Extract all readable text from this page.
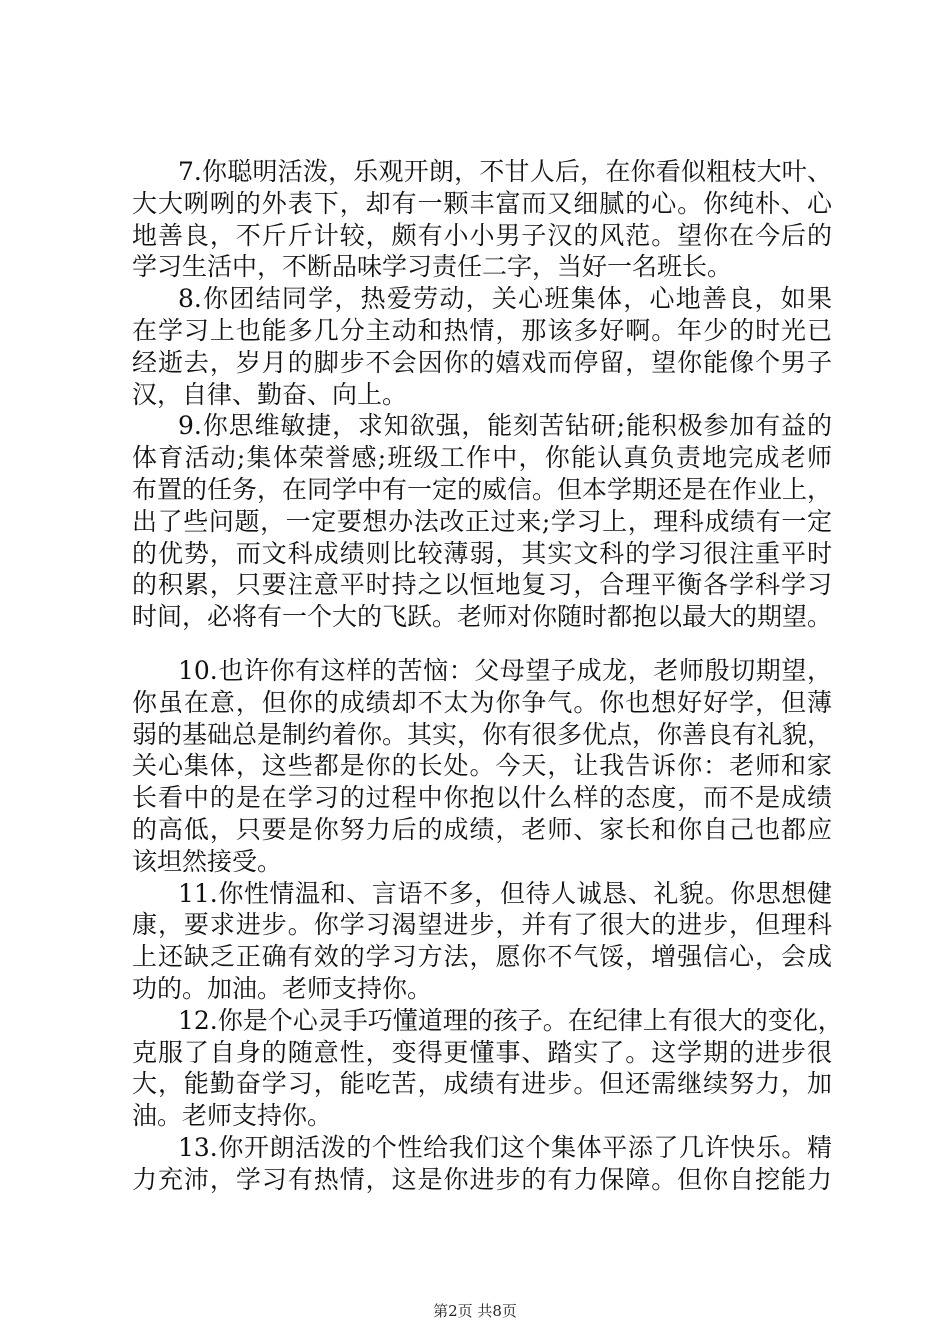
7.你聪明活泼，乐观开朗，不甘人后，在你看似粗枝大叶、
大大咧咧的外表下，却有一颗丰富而又细腻的心。你纯朴、心
地善良，不斤斤计较，颇有小小男子汉的风范。望你在今后的
学习生活中，不断品味学习责任二字，当好一名班长。
8.你团结同学，热爱劳动，关心班集体，心地善良，如果
在学习上也能多几分主动和热情，那该多好啊。年少的时光已
经逝去，岁月的脚步不会因你的嬉戏而停留，望你能像个男子
汉，自律、勤奋、向上。
9.你思维敏捷，求知欲强，能刻苦钻研;能积极参加有益的
体育活动;集体荣誉感;班级工作中，你能认真负责地完成老师
布置的任务，在同学中有一定的威信。但本学期还是在作业上，
出了些问题，一定要想办法改正过来;学习上，理科成绩有一定
的优势，而文科成绩则比较薄弱，其实文科的学习很注重平时
的积累，只要注意平时持之以恒地复习，合理平衡各学科学习
时间，必将有一个大的飞跃。老师对你随时都抱以最大的期望。
10.也许你有这样的苦恼：父母望子成龙，老师殷切期望，
你虽在意，但你的成绩却不太为你争气。你也想好好学，但薄
弱的基础总是制约着你。其实，你有很多优点，你善良有礼貌，
关心集体，这些都是你的长处。今天，让我告诉你：老师和家
长看中的是在学习的过程中你抱以什么样的态度，而不是成绩
的高低，只要是你努力后的成绩，老师、家长和你自己也都应
该坦然接受。
11.你性情温和、言语不多，但待人诚恳、礼貌。你思想健
康，要求进步。你学习渴望进步，并有了很大的进步，但理科
上还缺乏正确有效的学习方法，愿你不气馁，增强信心，会成
功的。加油。老师支持你。
12.你是个心灵手巧懂道理的孩子。在纪律上有很大的变化，
克服了自身的随意性，变得更懂事、踏实了。这学期的进步很
大，能勤奋学习，能吃苦，成绩有进步。但还需继续努力，加
油。老师支持你。
13.你开朗活泼的个性给我们这个集体平添了几许快乐。精
力充沛，学习有热情，这是你进步的有力保障。但你自挖能力
第2页 共8页
